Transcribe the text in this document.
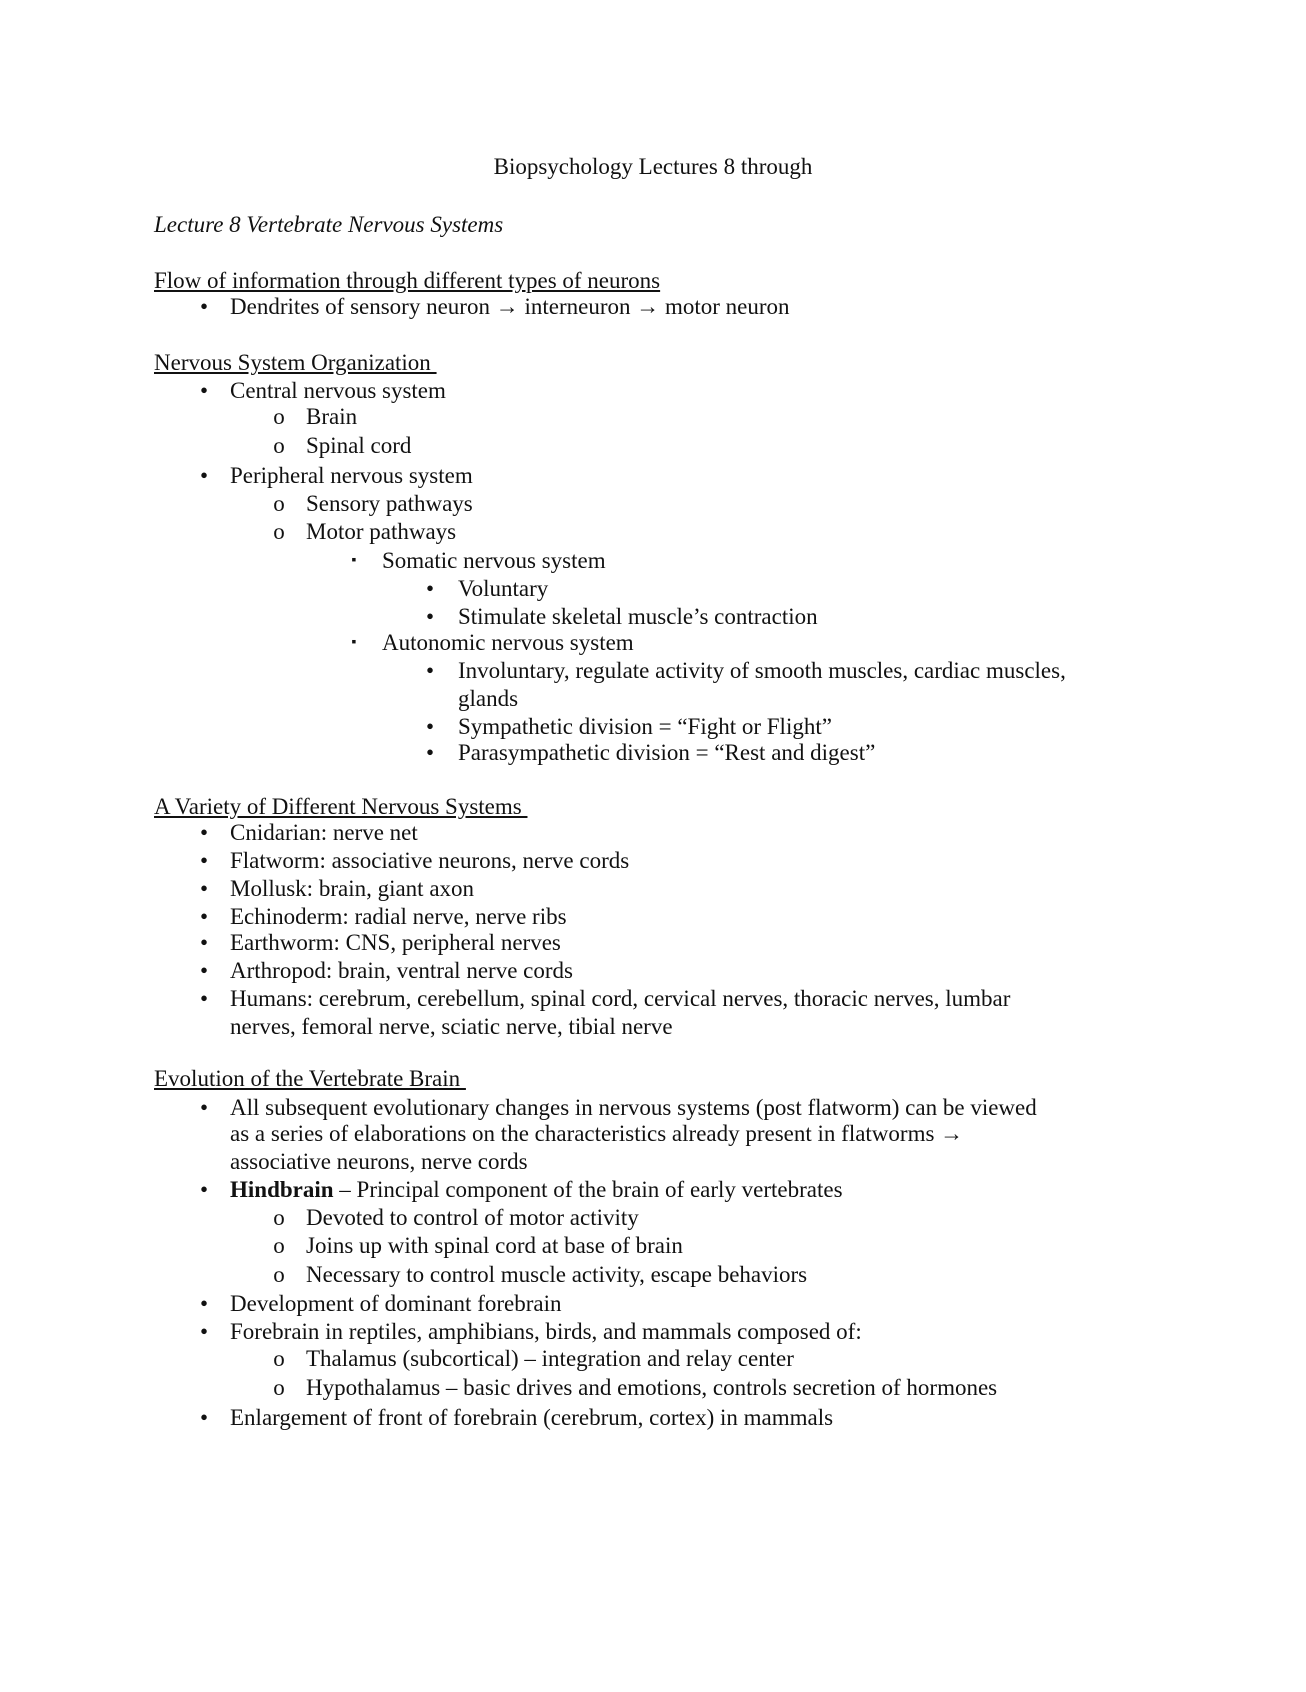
Biopsychology Lectures 8 through
Lecture 8 Vertebrate Nervous Systems
Flow of information through different types of neurons
• Dendrites of sensory neuron → interneuron → motor neuron
Nervous System Organization
• Central nervous system
o Brain
o Spinal cord
• Peripheral nervous system
o Sensory pathways
o Motor pathways
▪ Somatic nervous system
• Voluntary
• Stimulate skeletal muscle’s contraction
▪ Autonomic nervous system
• Involuntary, regulate activity of smooth muscles, cardiac muscles,
glands
• Sympathetic division = “Fight or Flight”
• Parasympathetic division = “Rest and digest”
A Variety of Different Nervous Systems
• Cnidarian: nerve net
• Flatworm: associative neurons, nerve cords
• Mollusk: brain, giant axon
• Echinoderm: radial nerve, nerve ribs
• Earthworm: CNS, peripheral nerves
• Arthropod: brain, ventral nerve cords
• Humans: cerebrum, cerebellum, spinal cord, cervical nerves, thoracic nerves, lumbar
nerves, femoral nerve, sciatic nerve, tibial nerve
Evolution of the Vertebrate Brain
• All subsequent evolutionary changes in nervous systems (post flatworm) can be viewed
as a series of elaborations on the characteristics already present in flatworms →
associative neurons, nerve cords
• Hindbrain – Principal component of the brain of early vertebrates
o Devoted to control of motor activity
o Joins up with spinal cord at base of brain
o Necessary to control muscle activity, escape behaviors
• Development of dominant forebrain
• Forebrain in reptiles, amphibians, birds, and mammals composed of:
o Thalamus (subcortical) – integration and relay center
o Hypothalamus – basic drives and emotions, controls secretion of hormones
• Enlargement of front of forebrain (cerebrum, cortex) in mammals
